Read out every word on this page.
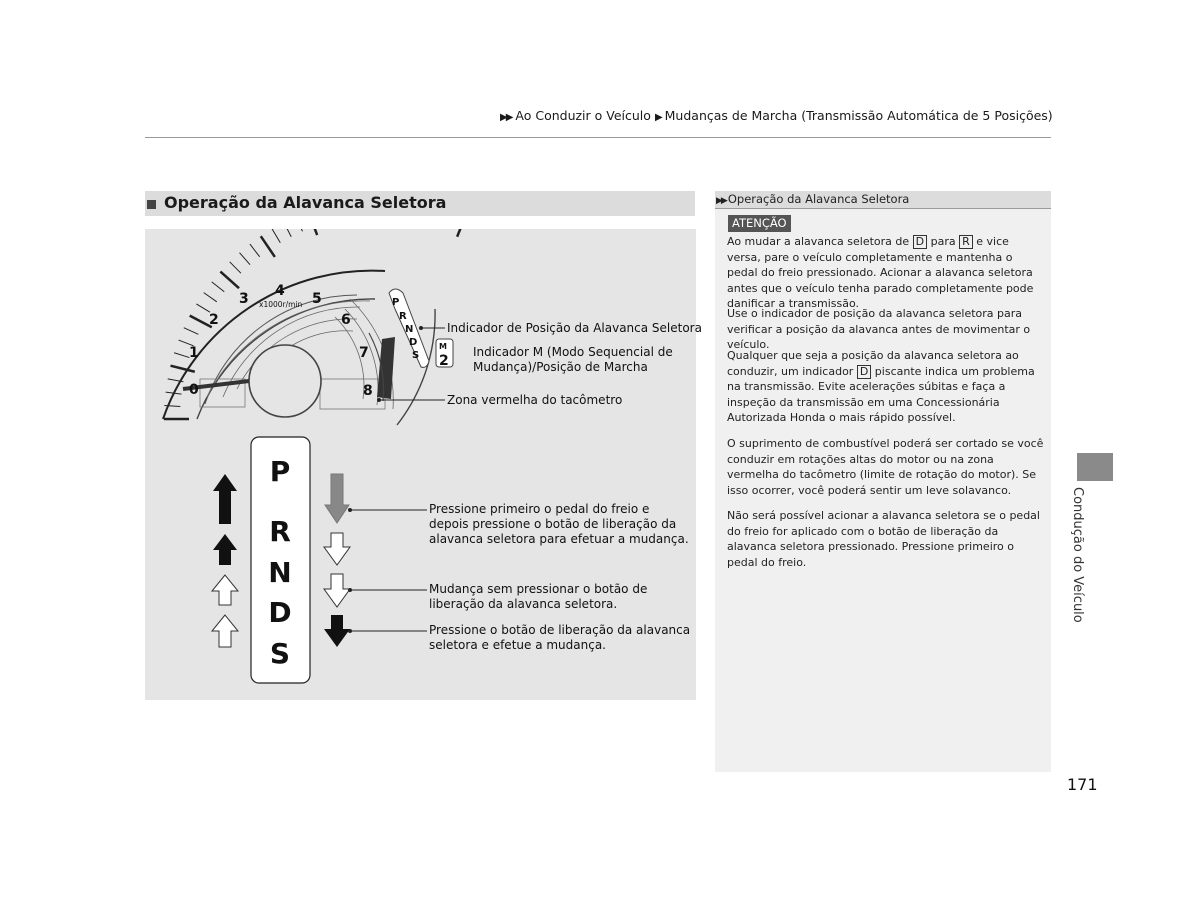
▶▶ Ao Conduzir o Veículo ▶ Mudanças de Marcha (Transmissão Automática de 5 Posições)
Operação da Alavanca Seletora
0
1
2
3 4 5
6
7
8
x1000r/min	P
R
N
D
S
M
2
P
R
N
D
S
Indicador de Posição da Alavanca Seletora
Indicador M (Modo Sequencial de
Mudança)/Posição de Marcha
Zona vermelha do tacômetro
Pressione primeiro o pedal do freio e
depois pressione o botão de liberação da
alavanca seletora para efetuar a mudança.
Mudança sem pressionar o botão de
liberação da alavanca seletora.
Pressione o botão de liberação da alavanca
seletora e efetue a mudança.
▶▶ Operação da Alavanca Seletora
ATENÇÃO
Ao mudar a alavanca seletora de D para R e vice versa, pare o veículo completamente e mantenha o pedal do freio pressionado. Acionar a alavanca seletora antes que o veículo tenha parado completamente pode danificar a transmissão.
Use o indicador de posição da alavanca seletora para verificar a posição da alavanca antes de movimentar o veículo.
Qualquer que seja a posição da alavanca seletora ao conduzir, um indicador D piscante indica um problema na transmissão. Evite acelerações súbitas e faça a inspeção da transmissão em uma Concessionária Autorizada Honda o mais rápido possível.
O suprimento de combustível poderá ser cortado se você conduzir em rotações altas do motor ou na zona vermelha do tacômetro (limite de rotação do motor). Se isso ocorrer, você poderá sentir um leve solavanco.
Não será possível acionar a alavanca seletora se o pedal do freio for aplicado com o botão de liberação da alavanca seletora pressionado. Pressione primeiro o pedal do freio.	Condução do Veículo
171
